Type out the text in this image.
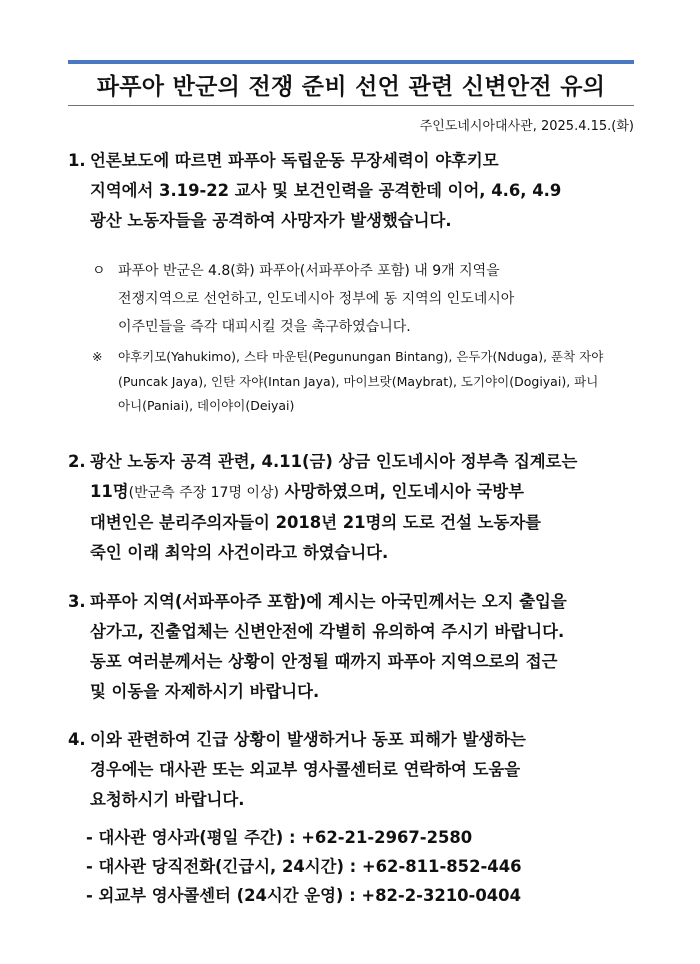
파푸아 반군의 전쟁 준비 선언 관련 신변안전 유의
주인도네시아대사관, 2025.4.15.(화)
1. 언론보도에 따르면 파푸아 독립운동 무장세력이 야후키모
지역에서 3.19-22 교사 및 보건인력을 공격한데 이어, 4.6, 4.9
광산 노동자들을 공격하여 사망자가 발생했습니다.
ㅇ 파푸아 반군은 4.8(화) 파푸아(서파푸아주 포함) 내 9개 지역을
전쟁지역으로 선언하고, 인도네시아 정부에 동 지역의 인도네시아
이주민들을 즉각 대피시킬 것을 촉구하였습니다.
※ 야후키모(Yahukimo), 스타 마운틴(Pegunungan Bintang), 은두가(Nduga), 푼착 자야
(Puncak Jaya), 인탄 자야(Intan Jaya), 마이브랏(Maybrat), 도기야이(Dogiyai), 파니
아니(Paniai), 데이야이(Deiyai)
2. 광산 노동자 공격 관련, 4.11(금) 상금 인도네시아 정부측 집계로는
11명(반군측 주장 17명 이상) 사망하였으며, 인도네시아 국방부
대변인은 분리주의자들이 2018년 21명의 도로 건설 노동자를
죽인 이래 최악의 사건이라고 하였습니다.
3. 파푸아 지역(서파푸아주 포함)에 계시는 아국민께서는 오지 출입을
삼가고, 진출업체는 신변안전에 각별히 유의하여 주시기 바랍니다.
동포 여러분께서는 상황이 안정될 때까지 파푸아 지역으로의 접근
및 이동을 자제하시기 바랍니다.
4. 이와 관련하여 긴급 상황이 발생하거나 동포 피해가 발생하는
경우에는 대사관 또는 외교부 영사콜센터로 연락하여 도움을
요청하시기 바랍니다.
- 대사관 영사과(평일 주간) : +62-21-2967-2580
- 대사관 당직전화(긴급시, 24시간) : +62-811-852-446
- 외교부 영사콜센터 (24시간 운영) : +82-2-3210-0404
